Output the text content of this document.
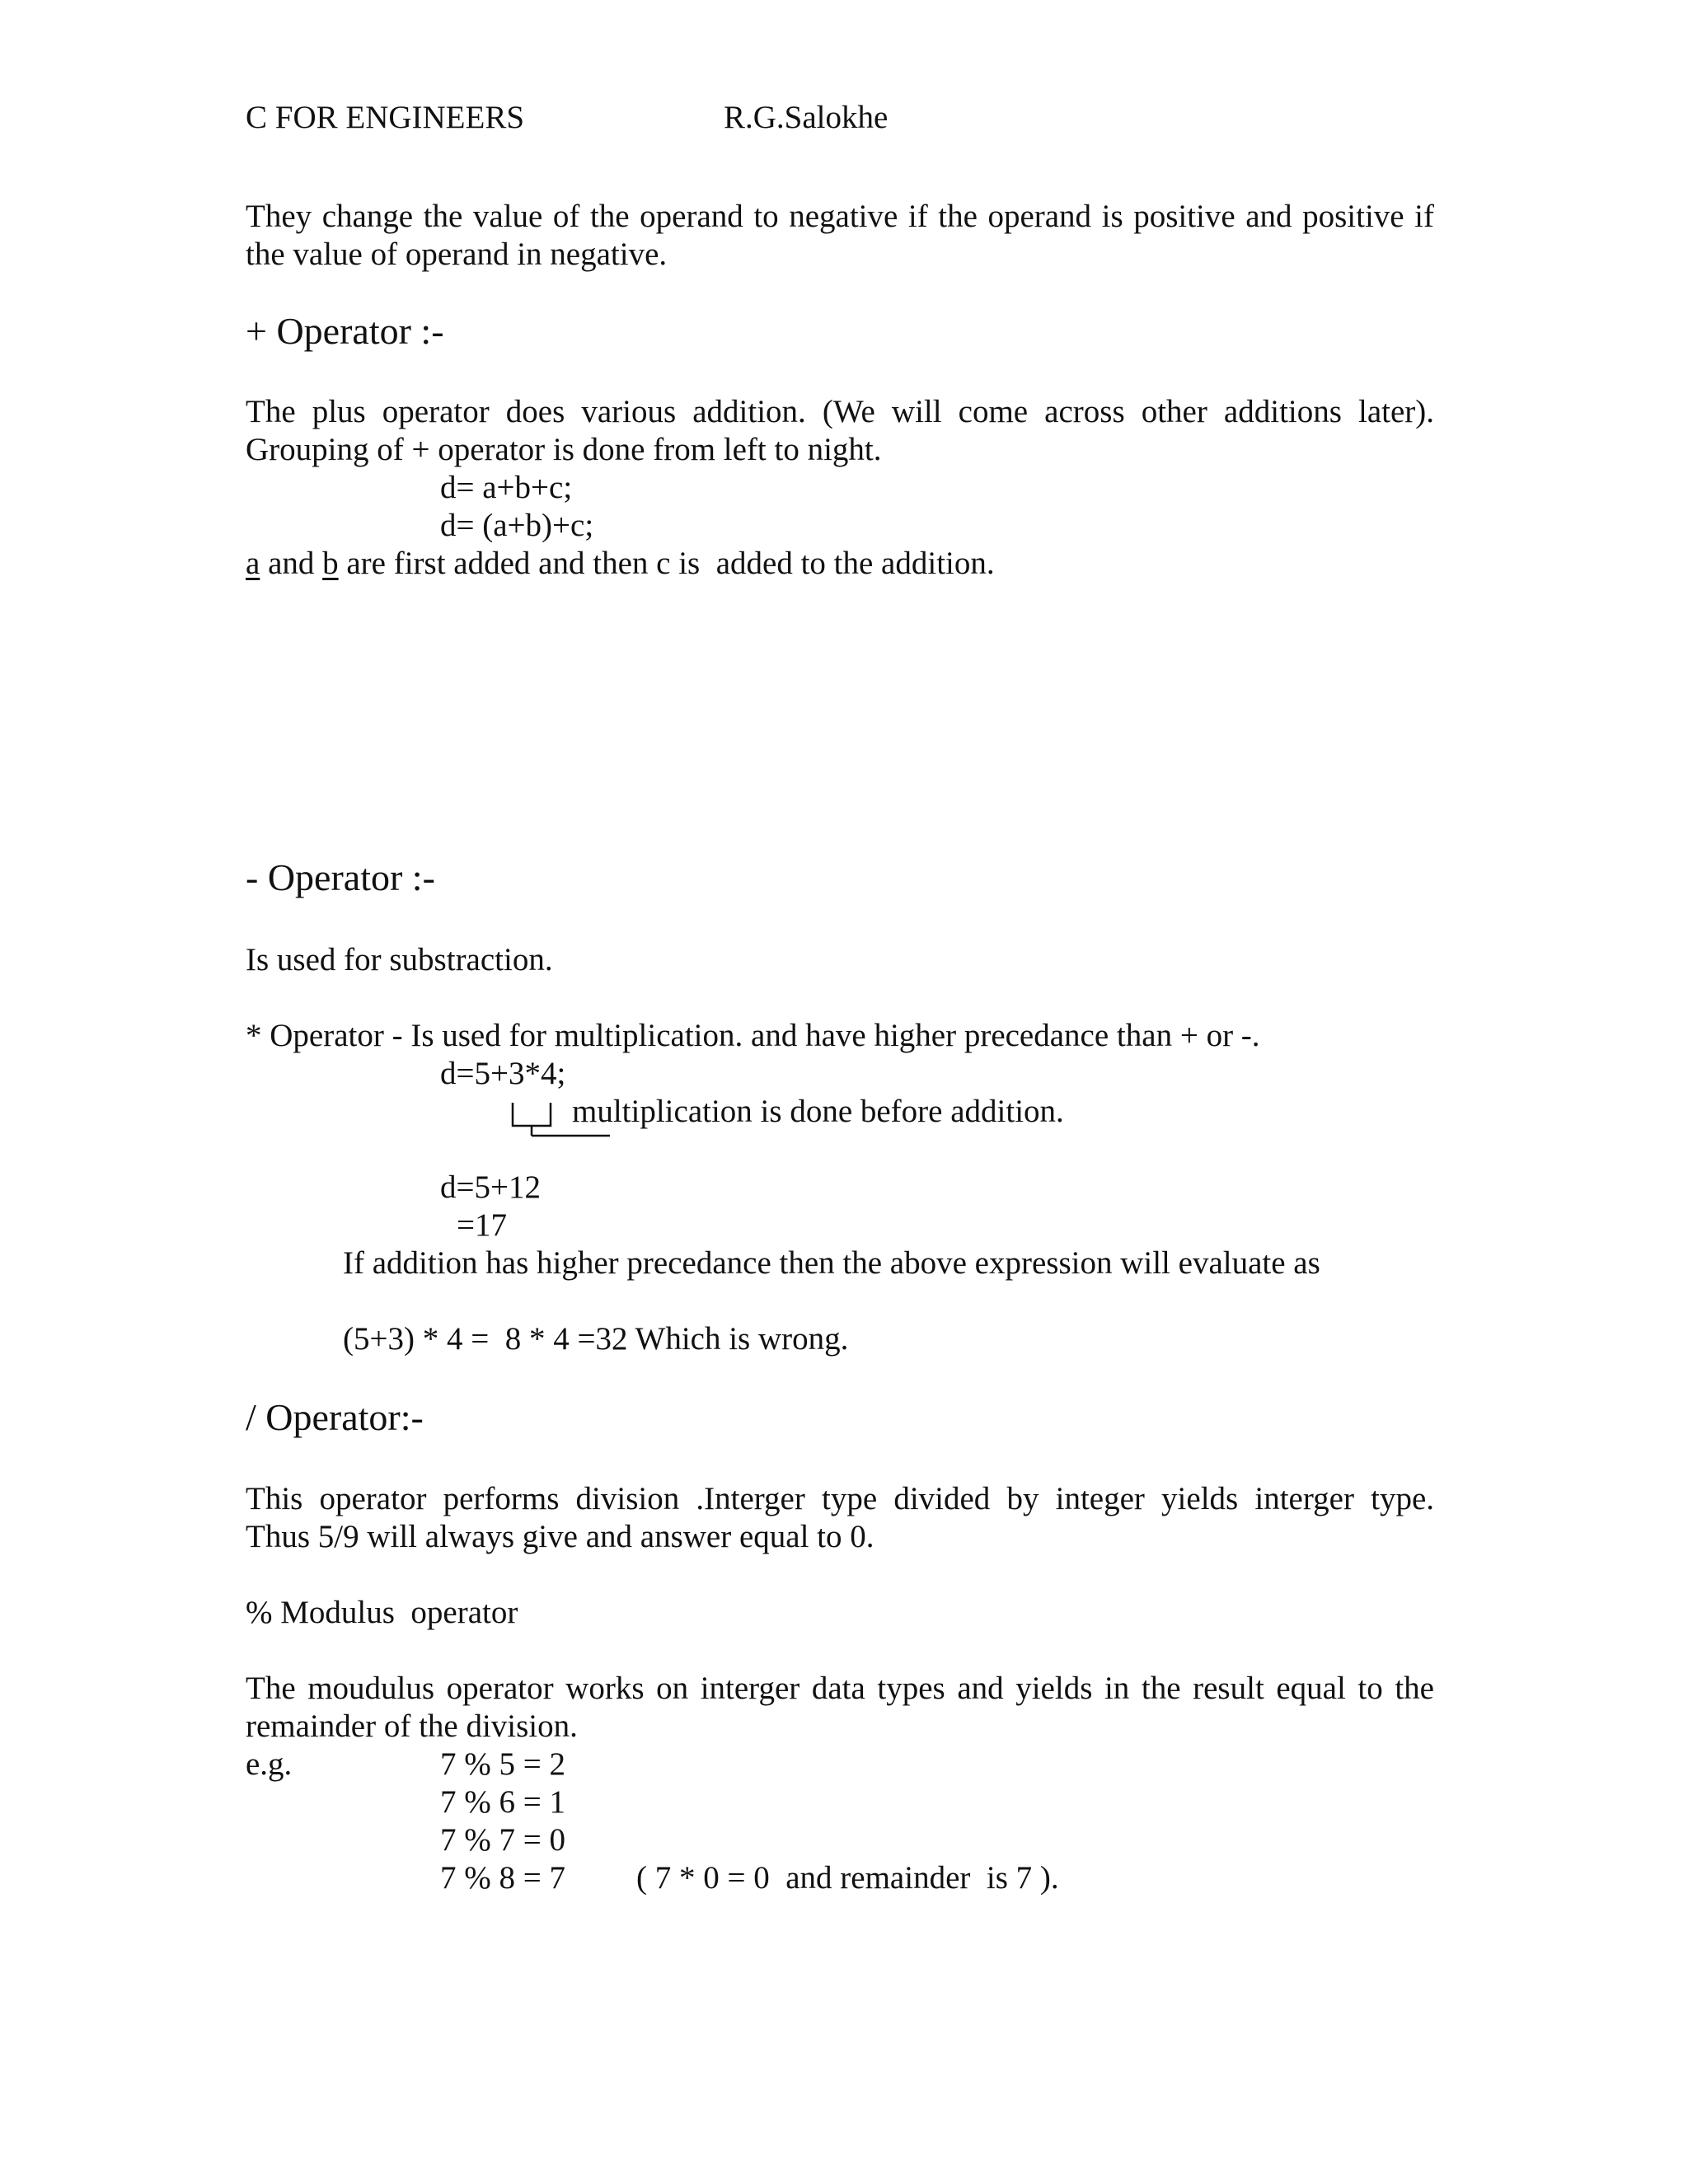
C FOR ENGINEERS	R.G.Salokhe

They change the value of the operand to negative if the operand is positive and positive if

the value of operand in negative.

+ Operator :-

The plus operator does various addition. (We will come across other additions later).

Grouping of + operator is done from left to night.

d= a+b+c;

d= (a+b)+c;

a and b are first added and then c is  added to the addition.

- Operator :-

Is used for substraction.

* Operator - Is used for multiplication. and have higher precedance than + or -.

d=5+3*4;

multiplication is done before addition.

d=5+12

=17

If addition has higher precedance then the above expression will evaluate as

(5+3) * 4 =  8 * 4 =32 Which is wrong.

/ Operator:-

This operator performs division .Interger type divided by integer yields interger type.

Thus 5/9 will always give and answer equal to 0.

% Modulus  operator

The moudulus operator works on interger data types and yields in the result equal to the

remainder of the division.

e.g.	7 % 5 = 2

7 % 6 = 1

7 % 7 = 0

7 % 8 = 7 ( 7 * 0 = 0  and remainder  is 7 ).
